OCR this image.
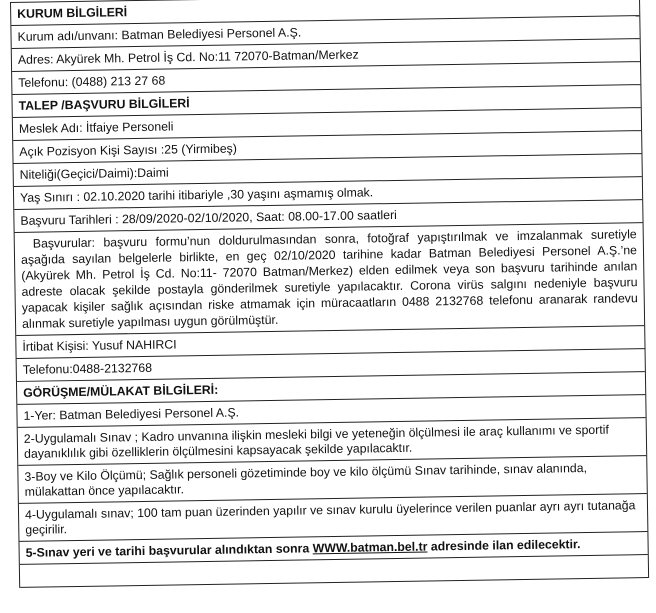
KURUM BİLGİLERİ
Kurum adı/unvanı: Batman Belediyesi Personel A.Ş.
Adres: Akyürek Mh. Petrol İş Cd. No:11 72070-Batman/Merkez
Telefonu: (0488) 213 27 68
TALEP /BAŞVURU BİLGİLERİ
Meslek Adı: İtfaiye Personeli
Açık Pozisyon Kişi Sayısı :25 (Yirmibeş)
Niteliği(Geçici/Daimi):Daimi
Yaş Sınırı : 02.10.2020 tarihi itibariyle ,30 yaşını aşmamış olmak.
Başvuru Tarihleri : 28/09/2020-02/10/2020, Saat: 08.00-17.00 saatleri
Başvurular: başvuru formu’nun doldurulmasından sonra, fotoğraf yapıştırılmak ve imzalanmak suretiyle aşağıda sayılan belgelerle birlikte, en geç 02/10/2020 tarihine kadar Batman Belediyesi Personel A.Ş.’ne (Akyürek Mh. Petrol İş Cd. No:11- 72070 Batman/Merkez) elden edilmek veya son başvuru tarihinde anılan adreste olacak şekilde postayla gönderilmek suretiyle yapılacaktır. Corona virüs salgını nedeniyle başvuru yapacak kişiler sağlık açısından riske atmamak için müracaatların 0488 2132768 telefonu aranarak randevu alınmak suretiyle yapılması uygun görülmüştür.
İrtibat Kişisi: Yusuf NAHIRCI
Telefonu:0488-2132768
GÖRÜŞME/MÜLAKAT BİLGİLERİ:
1-Yer: Batman Belediyesi Personel A.Ş.
2-Uygulamalı Sınav ; Kadro unvanına ilişkin mesleki bilgi ve yeteneğin ölçülmesi ile araç kullanımı ve sportif dayanıklılık gibi özelliklerin ölçülmesini kapsayacak şekilde yapılacaktır.
3-Boy ve Kilo Ölçümü; Sağlık personeli gözetiminde boy ve kilo ölçümü Sınav tarihinde, sınav alanında, mülakattan önce yapılacaktır.
4-Uygulamalı sınav; 100 tam puan üzerinden yapılır ve sınav kurulu üyelerince verilen puanlar ayrı ayrı tutanağa geçirilir.
5-Sınav yeri ve tarihi başvurular alındıktan sonra WWW.batman.bel.tr adresinde ilan edilecektir.
